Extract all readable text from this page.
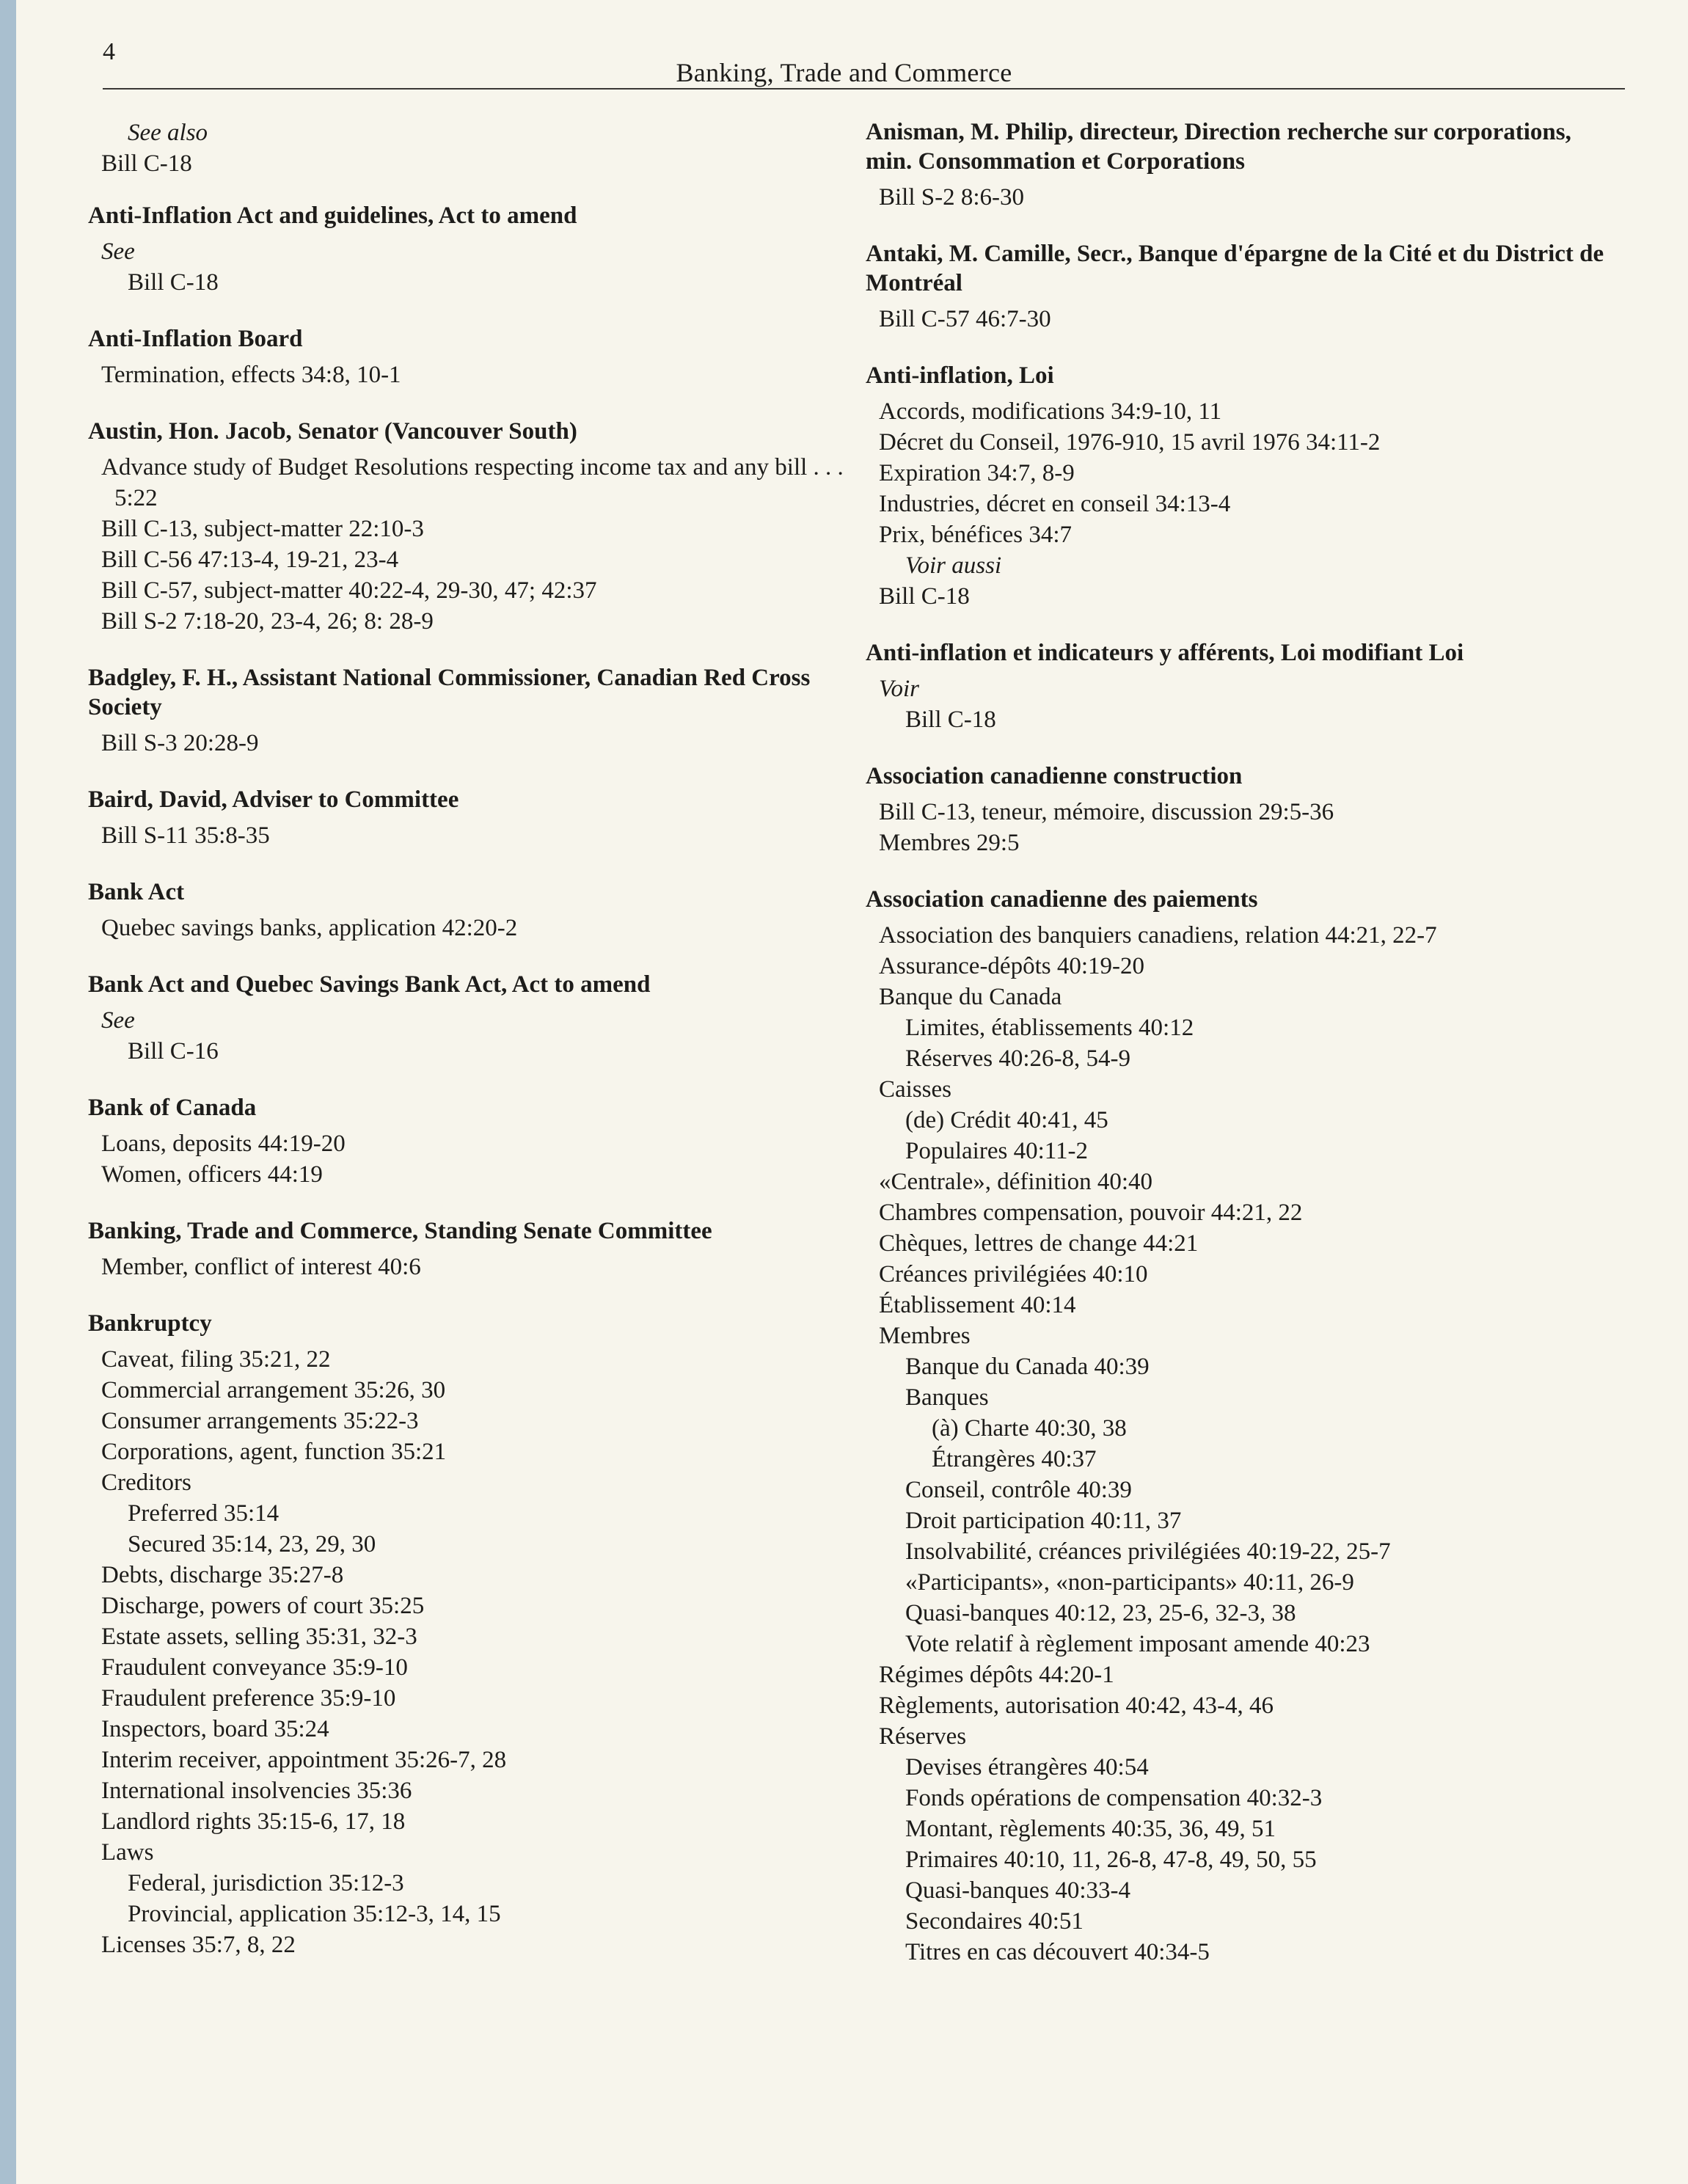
4
Banking, Trade and Commerce
See also
Bill C-18
Anti-Inflation Act and guidelines, Act to amend
See
Bill C-18
Anti-Inflation Board
Termination, effects 34:8, 10-1
Austin, Hon. Jacob, Senator (Vancouver South)
Advance study of Budget Resolutions respecting income tax and any bill . . . 5:22
Bill C-13, subject-matter 22:10-3
Bill C-56 47:13-4, 19-21, 23-4
Bill C-57, subject-matter 40:22-4, 29-30, 47; 42:37
Bill S-2 7:18-20, 23-4, 26; 8: 28-9
Badgley, F. H., Assistant National Commissioner, Canadian Red Cross Society
Bill S-3 20:28-9
Baird, David, Adviser to Committee
Bill S-11 35:8-35
Bank Act
Quebec savings banks, application 42:20-2
Bank Act and Quebec Savings Bank Act, Act to amend
See
Bill C-16
Bank of Canada
Loans, deposits 44:19-20
Women, officers 44:19
Banking, Trade and Commerce, Standing Senate Committee
Member, conflict of interest 40:6
Bankruptcy
Caveat, filing 35:21, 22
Commercial arrangement 35:26, 30
Consumer arrangements 35:22-3
Corporations, agent, function 35:21
Creditors
Preferred 35:14
Secured 35:14, 23, 29, 30
Debts, discharge 35:27-8
Discharge, powers of court 35:25
Estate assets, selling 35:31, 32-3
Fraudulent conveyance 35:9-10
Fraudulent preference 35:9-10
Inspectors, board 35:24
Interim receiver, appointment 35:26-7, 28
International insolvencies 35:36
Landlord rights 35:15-6, 17, 18
Laws
Federal, jurisdiction 35:12-3
Provincial, application 35:12-3, 14, 15
Licenses 35:7, 8, 22
Anisman, M. Philip, directeur, Direction recherche sur corporations, min. Consommation et Corporations
Bill S-2 8:6-30
Antaki, M. Camille, Secr., Banque d'épargne de la Cité et du District de Montréal
Bill C-57 46:7-30
Anti-inflation, Loi
Accords, modifications 34:9-10, 11
Décret du Conseil, 1976-910, 15 avril 1976 34:11-2
Expiration 34:7, 8-9
Industries, décret en conseil 34:13-4
Prix, bénéfices 34:7
Voir aussi
Bill C-18
Anti-inflation et indicateurs y afférents, Loi modifiant Loi
Voir
Bill C-18
Association canadienne construction
Bill C-13, teneur, mémoire, discussion 29:5-36
Membres 29:5
Association canadienne des paiements
Association des banquiers canadiens, relation 44:21, 22-7
Assurance-dépôts 40:19-20
Banque du Canada
Limites, établissements 40:12
Réserves 40:26-8, 54-9
Caisses
(de) Crédit 40:41, 45
Populaires 40:11-2
«Centrale», définition 40:40
Chambres compensation, pouvoir 44:21, 22
Chèques, lettres de change 44:21
Créances privilégiées 40:10
Établissement 40:14
Membres
Banque du Canada 40:39
Banques
(à) Charte 40:30, 38
Étrangères 40:37
Conseil, contrôle 40:39
Droit participation 40:11, 37
Insolvabilité, créances privilégiées 40:19-22, 25-7
«Participants», «non-participants» 40:11, 26-9
Quasi-banques 40:12, 23, 25-6, 32-3, 38
Vote relatif à règlement imposant amende 40:23
Régimes dépôts 44:20-1
Règlements, autorisation 40:42, 43-4, 46
Réserves
Devises étrangères 40:54
Fonds opérations de compensation 40:32-3
Montant, règlements 40:35, 36, 49, 51
Primaires 40:10, 11, 26-8, 47-8, 49, 50, 55
Quasi-banques 40:33-4
Secondaires 40:51
Titres en cas découvert 40:34-5
